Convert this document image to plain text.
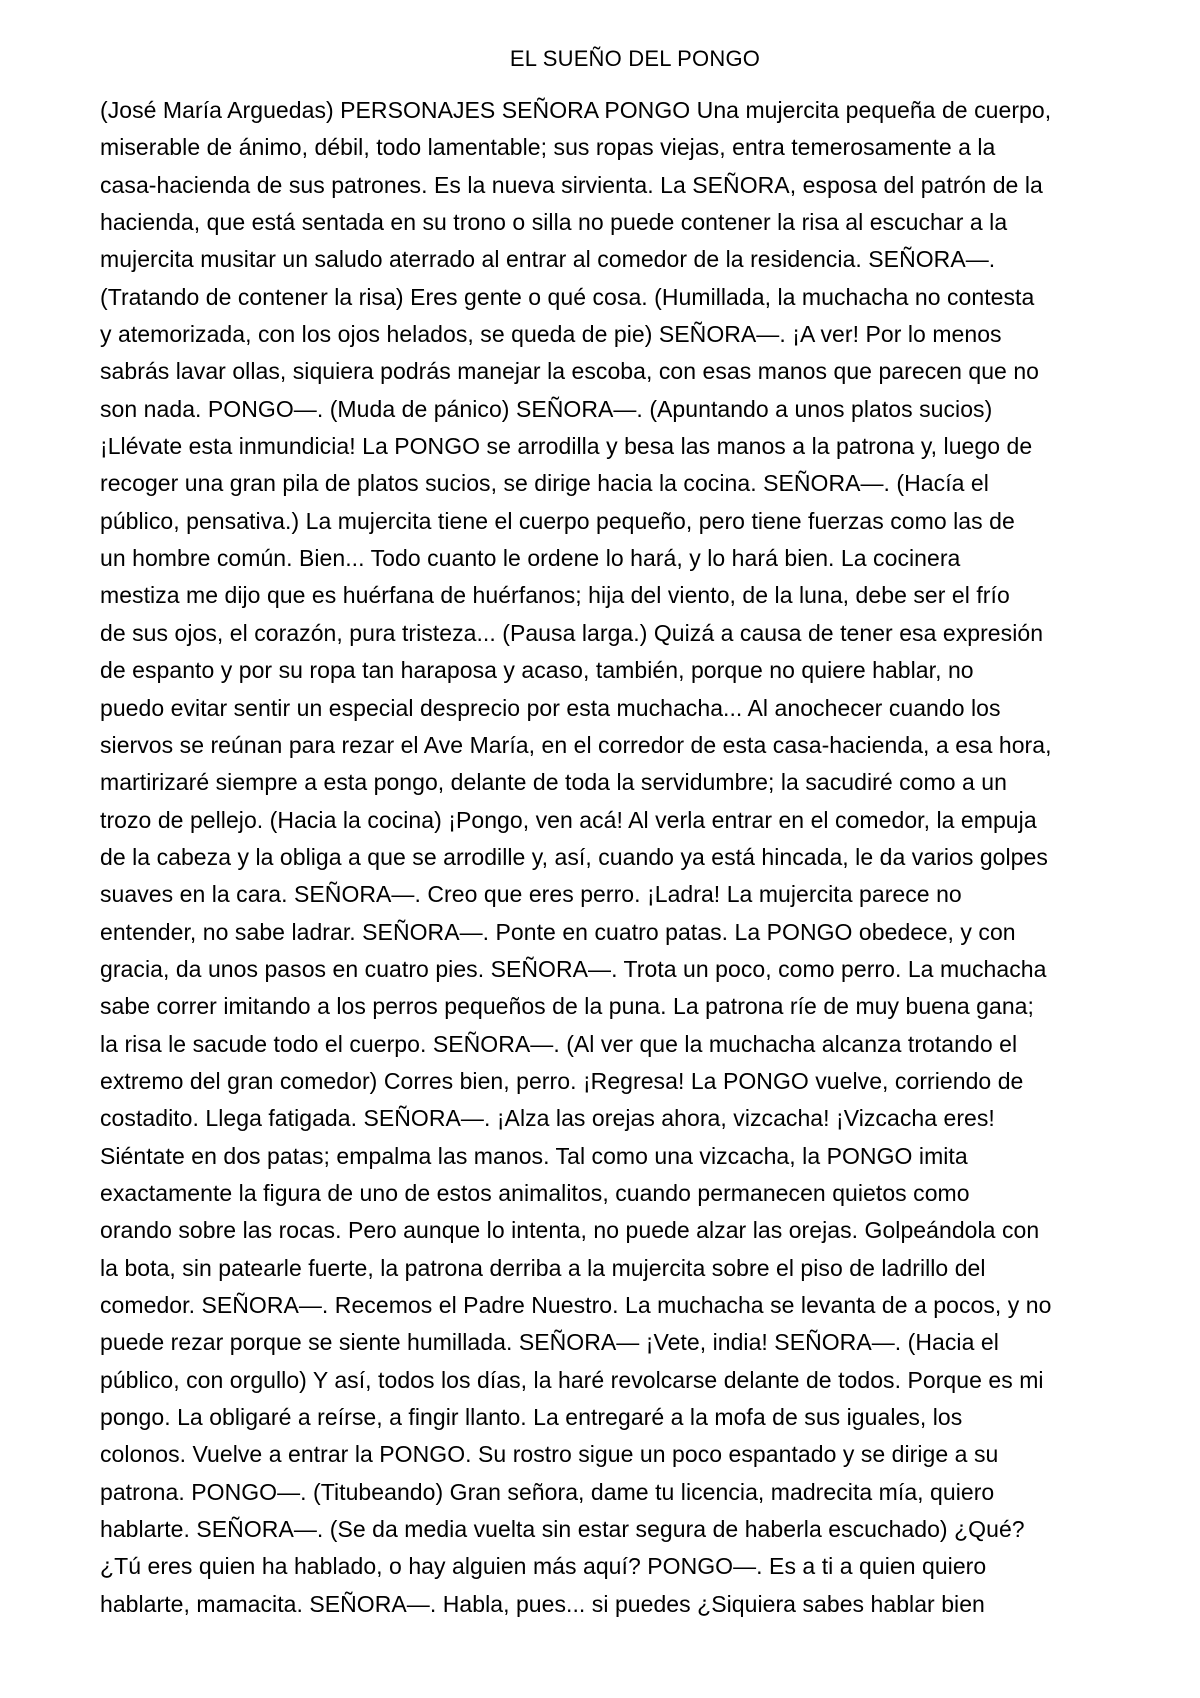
EL SUEÑO DEL PONGO
(José María Arguedas) PERSONAJES SEÑORA PONGO Una mujercita pequeña de cuerpo,
miserable de ánimo, débil, todo lamentable; sus ropas viejas, entra temerosamente a la
casa-hacienda de sus patrones. Es la nueva sirvienta. La SEÑORA, esposa del patrón de la
hacienda, que está sentada en su trono o silla no puede contener la risa al escuchar a la
mujercita musitar un saludo aterrado al entrar al comedor de la residencia. SEÑORA—.
(Tratando de contener la risa) Eres gente o qué cosa. (Humillada, la muchacha no contesta
y atemorizada, con los ojos helados, se queda de pie) SEÑORA—. ¡A ver! Por lo menos
sabrás lavar ollas, siquiera podrás manejar la escoba, con esas manos que parecen que no
son nada. PONGO—. (Muda de pánico) SEÑORA—. (Apuntando a unos platos sucios)
¡Llévate esta inmundicia! La PONGO se arrodilla y besa las manos a la patrona y, luego de
recoger una gran pila de platos sucios, se dirige hacia la cocina. SEÑORA—. (Hacía el
público, pensativa.) La mujercita tiene el cuerpo pequeño, pero tiene fuerzas como las de
un hombre común. Bien... Todo cuanto le ordene lo hará, y lo hará bien. La cocinera
mestiza me dijo que es huérfana de huérfanos; hija del viento, de la luna, debe ser el frío
de sus ojos, el corazón, pura tristeza... (Pausa larga.) Quizá a causa de tener esa expresión
de espanto y por su ropa tan haraposa y acaso, también, porque no quiere hablar, no
puedo evitar sentir un especial desprecio por esta muchacha... Al anochecer cuando los
siervos se reúnan para rezar el Ave María, en el corredor de esta casa-hacienda, a esa hora,
martirizaré siempre a esta pongo, delante de toda la servidumbre; la sacudiré como a un
trozo de pellejo. (Hacia la cocina) ¡Pongo, ven acá! Al verla entrar en el comedor, la empuja
de la cabeza y la obliga a que se arrodille y, así, cuando ya está hincada, le da varios golpes
suaves en la cara. SEÑORA—. Creo que eres perro. ¡Ladra! La mujercita parece no
entender, no sabe ladrar. SEÑORA—. Ponte en cuatro patas. La PONGO obedece, y con
gracia, da unos pasos en cuatro pies. SEÑORA—. Trota un poco, como perro. La muchacha
sabe correr imitando a los perros pequeños de la puna. La patrona ríe de muy buena gana;
la risa le sacude todo el cuerpo. SEÑORA—. (Al ver que la muchacha alcanza trotando el
extremo del gran comedor) Corres bien, perro. ¡Regresa! La PONGO vuelve, corriendo de
costadito. Llega fatigada. SEÑORA—. ¡Alza las orejas ahora, vizcacha! ¡Vizcacha eres!
Siéntate en dos patas; empalma las manos. Tal como una vizcacha, la PONGO imita
exactamente la figura de uno de estos animalitos, cuando permanecen quietos como
orando sobre las rocas. Pero aunque lo intenta, no puede alzar las orejas. Golpeándola con
la bota, sin patearle fuerte, la patrona derriba a la mujercita sobre el piso de ladrillo del
comedor. SEÑORA—. Recemos el Padre Nuestro. La muchacha se levanta de a pocos, y no
puede rezar porque se siente humillada. SEÑORA— ¡Vete, india! SEÑORA—. (Hacia el
público, con orgullo) Y así, todos los días, la haré revolcarse delante de todos. Porque es mi
pongo. La obligaré a reírse, a fingir llanto. La entregaré a la mofa de sus iguales, los
colonos. Vuelve a entrar la PONGO. Su rostro sigue un poco espantado y se dirige a su
patrona. PONGO—. (Titubeando) Gran señora, dame tu licencia, madrecita mía, quiero
hablarte. SEÑORA—. (Se da media vuelta sin estar segura de haberla escuchado) ¿Qué?
¿Tú eres quien ha hablado, o hay alguien más aquí? PONGO—. Es a ti a quien quiero
hablarte, mamacita. SEÑORA—. Habla, pues... si puedes ¿Siquiera sabes hablar bien
